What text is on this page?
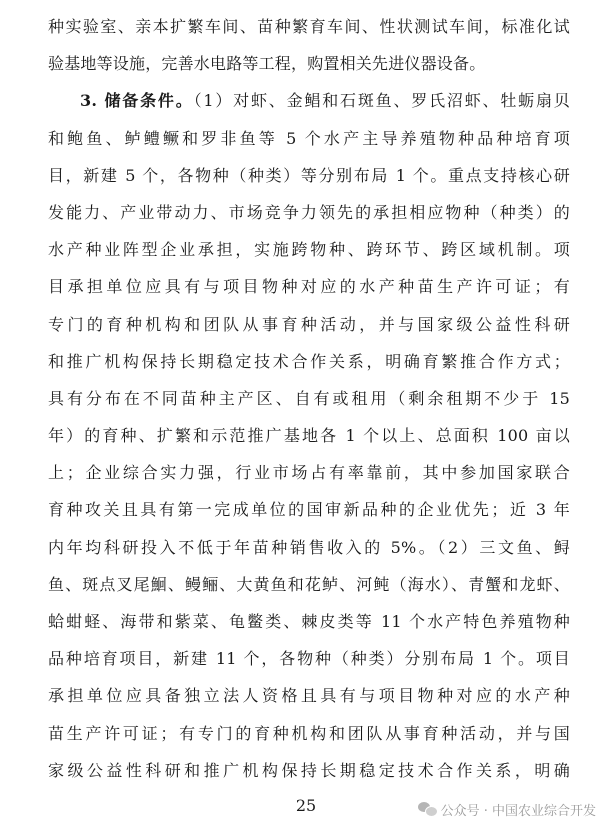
种实验室、亲本扩繁车间、苗种繁育车间、性状测试车间，标准化试
验基地等设施，完善水电路等工程，购置相关先进仪器设备。
3. 储备条件。（1）对虾、金鲳和石斑鱼、罗氏沼虾、牡蛎扇贝
和鲍鱼、鲈鳢鳜和罗非鱼等 5 个水产主导养殖物种品种培育项
目，新建 5 个，各物种（种类）等分别布局 1 个。重点支持核心研
发能力、产业带动力、市场竞争力领先的承担相应物种（种类）的
水产种业阵型企业承担，实施跨物种、跨环节、跨区域机制。项
目承担单位应具有与项目物种对应的水产种苗生产许可证；有
专门的育种机构和团队从事育种活动，并与国家级公益性科研
和推广机构保持长期稳定技术合作关系，明确育繁推合作方式；
具有分布在不同苗种主产区、自有或租用（剩余租期不少于 15
年）的育种、扩繁和示范推广基地各 1 个以上、总面积 100 亩以
上；企业综合实力强，行业市场占有率靠前，其中参加国家联合
育种攻关且具有第一完成单位的国审新品种的企业优先；近 3 年
内年均科研投入不低于年苗种销售收入的 5%。（2）三文鱼、鲟
鱼、斑点叉尾鮰、鳗鲡、大黄鱼和花鲈、河鲀（海水）、青蟹和龙虾、
蛤蚶蛏、海带和紫菜、龟鳖类、棘皮类等 11 个水产特色养殖物种
品种培育项目，新建 11 个，各物种（种类）分别布局 1 个。项目
承担单位应具备独立法人资格且具有与项目物种对应的水产种
苗生产许可证；有专门的育种机构和团队从事育种活动，并与国
家级公益性科研和推广机构保持长期稳定技术合作关系，明确
25	公众号 · 中国农业综合开发
